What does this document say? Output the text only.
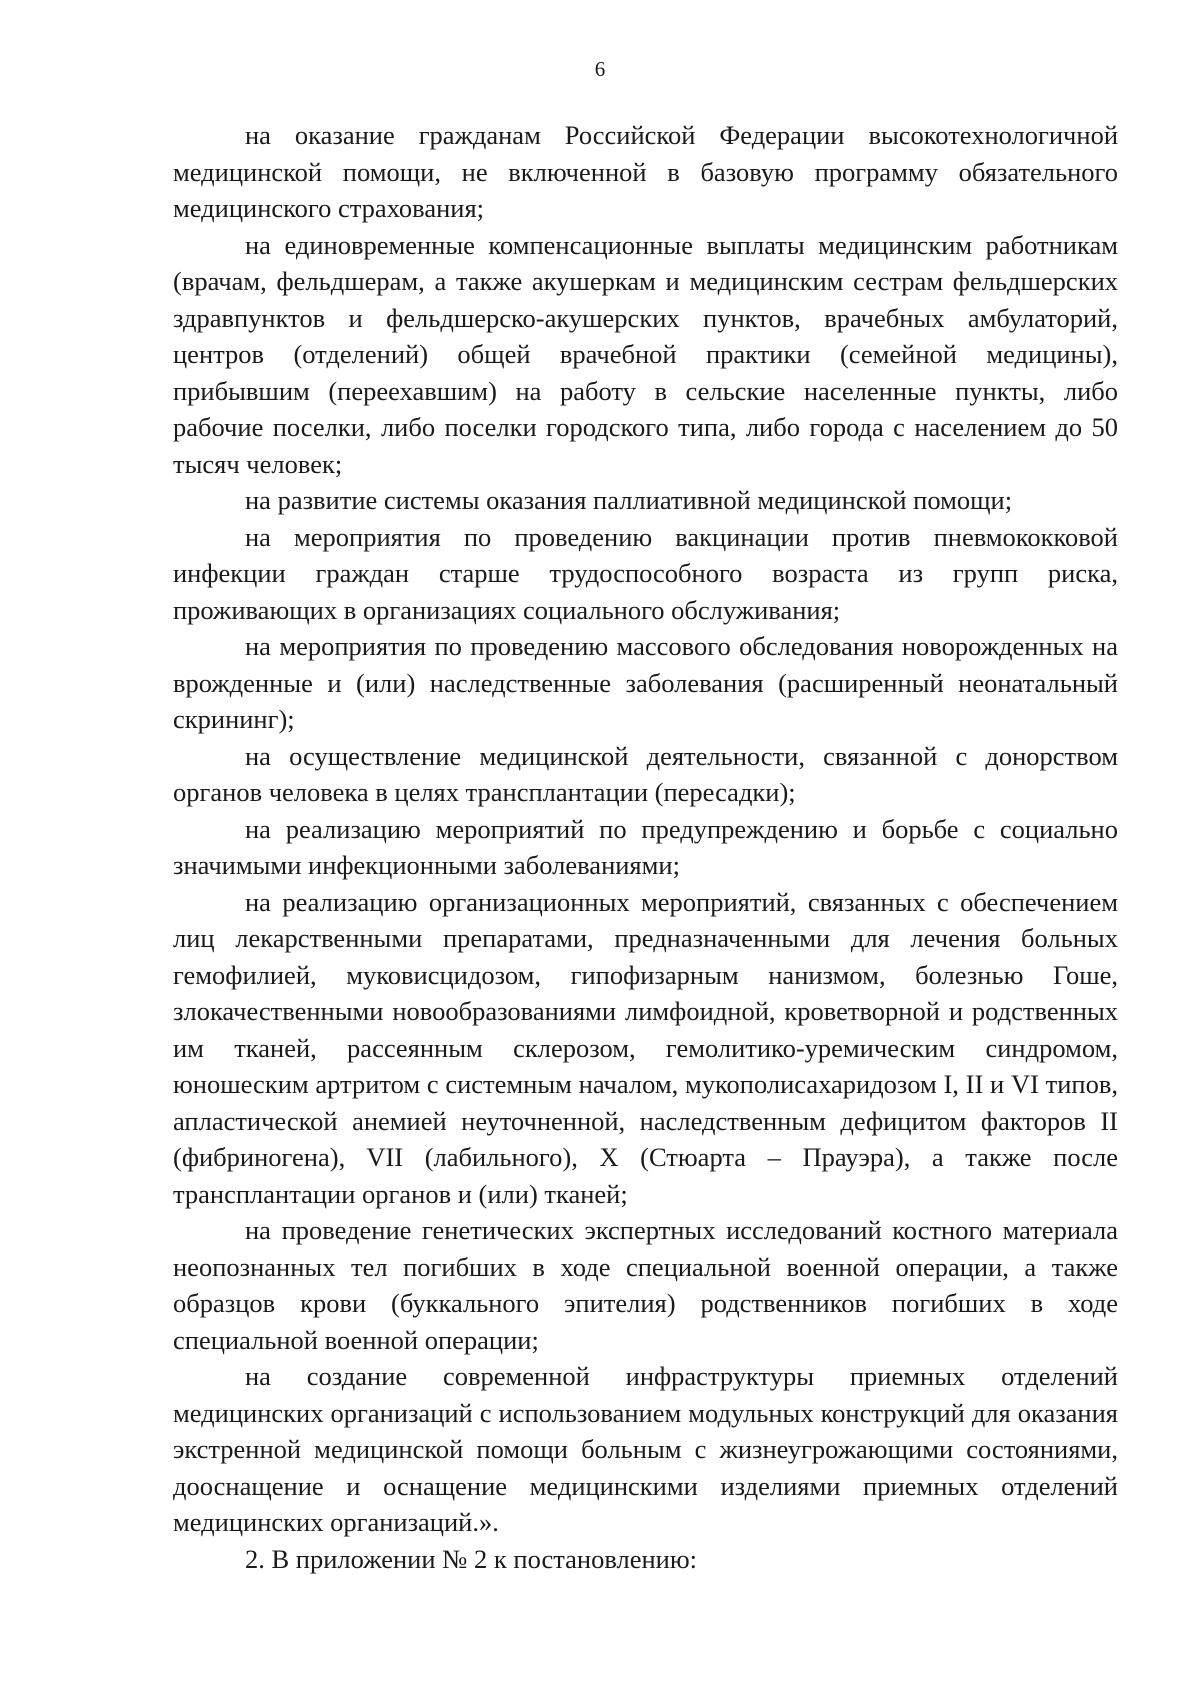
6

на оказание гражданам Российской Федерации высокотехнологичной медицинской помощи, не включенной в базовую программу обязательного медицинского страхования;

на единовременные компенсационные выплаты медицинским работникам (врачам, фельдшерам, а также акушеркам и медицинским сестрам фельдшерских здравпунктов и фельдшерско-акушерских пунктов, врачебных амбулаторий, центров (отделений) общей врачебной практики (семейной медицины), прибывшим (переехавшим) на работу в сельские населенные пункты, либо рабочие поселки, либо поселки городского типа, либо города с населением до 50 тысяч человек;

на развитие системы оказания паллиативной медицинской помощи;

на мероприятия по проведению вакцинации против пневмококковой инфекции граждан старше трудоспособного возраста из групп риска, проживающих в организациях социального обслуживания;

на мероприятия по проведению массового обследования новорожденных на врожденные и (или) наследственные заболевания (расширенный неонатальный скрининг);

на осуществление медицинской деятельности, связанной с донорством органов человека в целях трансплантации (пересадки);

на реализацию мероприятий по предупреждению и борьбе с социально значимыми инфекционными заболеваниями;

на реализацию организационных мероприятий, связанных с обеспечением лиц лекарственными препаратами, предназначенными для лечения больных гемофилией, муковисцидозом, гипофизарным нанизмом, болезнью Гоше, злокачественными новообразованиями лимфоидной, кроветворной и родственных им тканей, рассеянным склерозом, гемолитико-уремическим синдромом, юношеским артритом с системным началом, мукополисахаридозом I, II и VI типов, апластической анемией неуточненной, наследственным дефицитом факторов II (фибриногена), VII (лабильного), X (Стюарта – Прауэра), а также после трансплантации органов и (или) тканей;

на проведение генетических экспертных исследований костного материала неопознанных тел погибших в ходе специальной военной операции, а также образцов крови (буккального эпителия) родственников погибших в ходе специальной военной операции;

на создание современной инфраструктуры приемных отделений медицинских организаций с использованием модульных конструкций для оказания экстренной медицинской помощи больным с жизнеугрожающими состояниями, дооснащение и оснащение медицинскими изделиями приемных отделений медицинских организаций.».

2. В приложении № 2 к постановлению:
